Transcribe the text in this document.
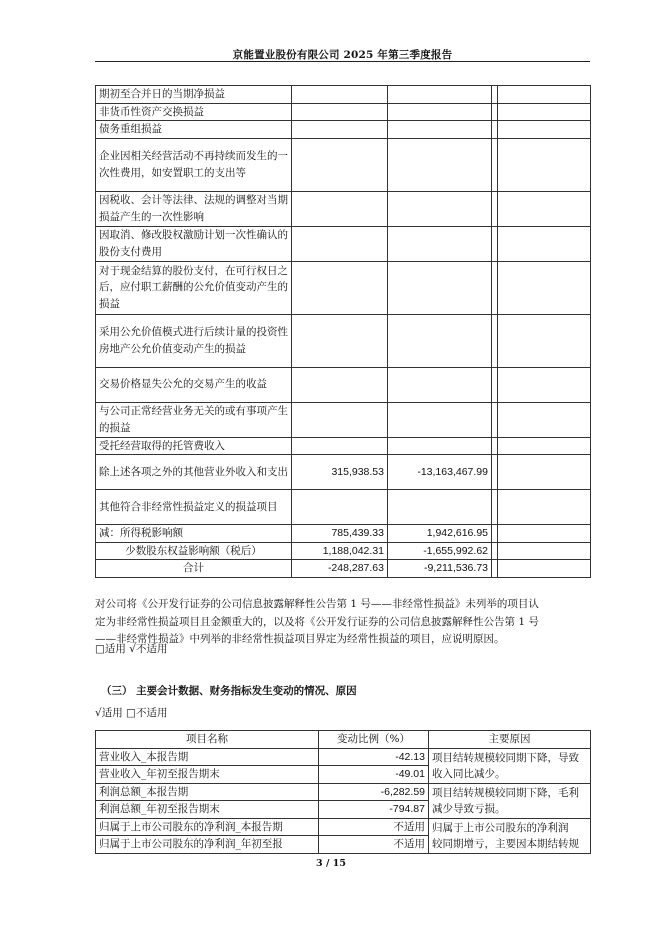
京能置业股份有限公司 2025 年第三季度报告
期初至合并日的当期净损益				
非货币性资产交换损益				
债务重组损益				
企业因相关经营活动不再持续而发生的一次性费用，如安置职工的支出等				
因税收、会计等法律、法规的调整对当期损益产生的一次性影响				
因取消、修改股权激励计划一次性确认的股份支付费用				
对于现金结算的股份支付，在可行权日之后，应付职工薪酬的公允价值变动产生的损益				
采用公允价值模式进行后续计量的投资性房地产公允价值变动产生的损益				
交易价格显失公允的交易产生的收益				
与公司正常经营业务无关的或有事项产生的损益				
受托经营取得的托管费收入				
除上述各项之外的其他营业外收入和支出	315,938.53	-13,163,467.99		
其他符合非经常性损益定义的损益项目				
减：所得税影响额	785,439.33	1,942,616.95		
少数股东权益影响额（税后）	1,188,042.31	-1,655,992.62		
合计	-248,287.63	-9,211,536.73		
对公司将《公开发行证券的公司信息披露解释性公告第 1 号——非经常性损益》未列举的项目认
定为非经常性损益项目且金额重大的，以及将《公开发行证券的公司信息披露解释性公告第 1 号
——非经常性损益》中列举的非经常性损益项目界定为经常性损益的项目，应说明原因。
□适用 √不适用
（三） 主要会计数据、财务指标发生变动的情况、原因
√适用 □不适用
项目名称	变动比例（%）	主要原因
营业收入_本报告期	-42.13	项目结转规模较同期下降，导致
收入同比减少。

营业收入_年初至报告期末	-49.01	
利润总额_本报告期	-6,282.59	项目结转规模较同期下降，毛利
减少导致亏损。

利润总额_年初至报告期末	-794.87	
归属于上市公司股东的净利润_本报告期	不适用	归属于上市公司股东的净利润
较同期增亏，主要因本期结转规

归属于上市公司股东的净利润_年初至报	不适用	
3 / 15
